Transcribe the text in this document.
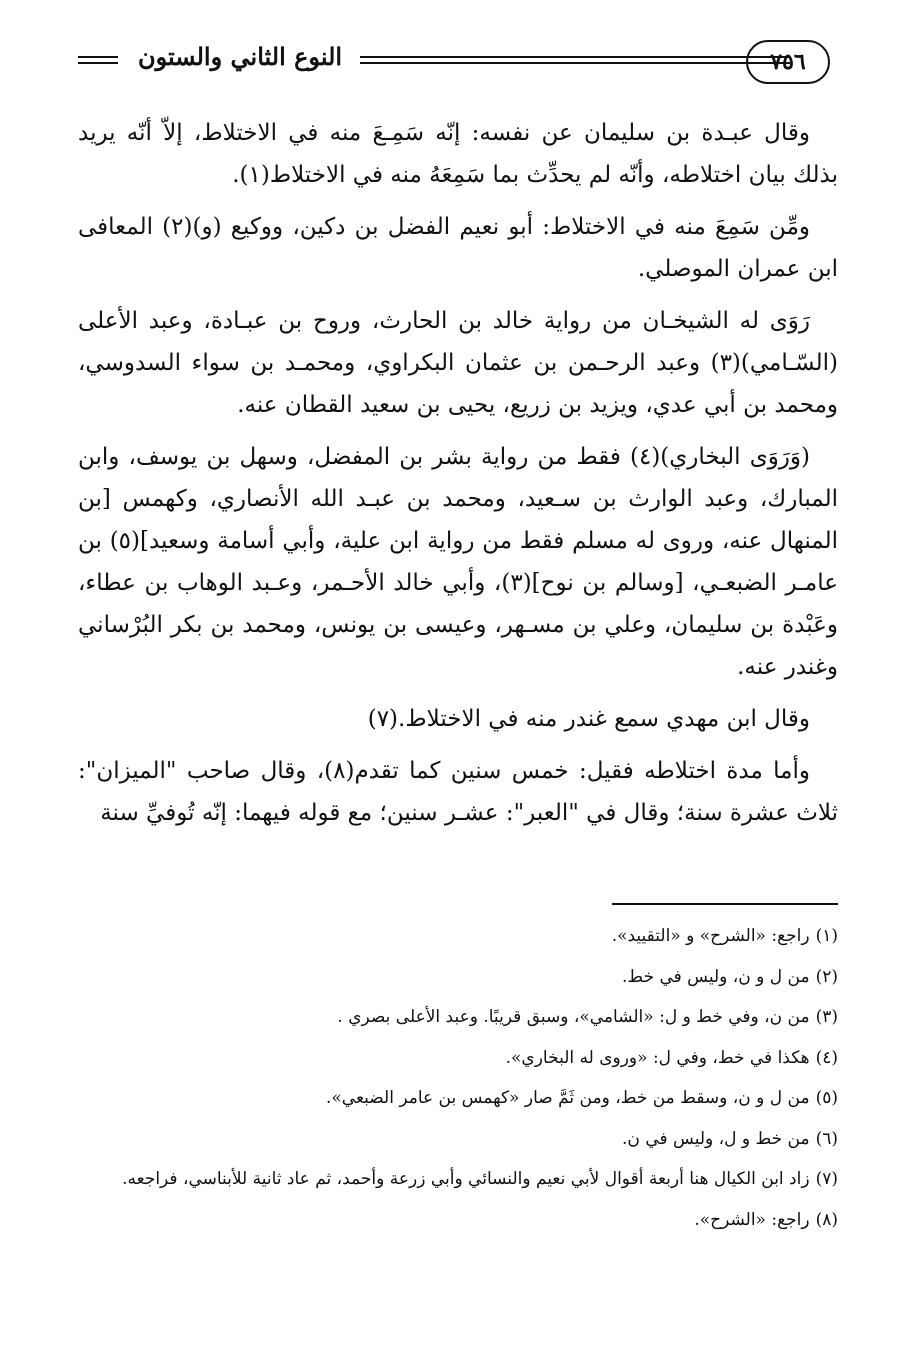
٧٥٦
النوع الثاني والستون

وقال عبـدة بن سليمان عن نفسه: إنّه سَمِـعَ منه في الاختلاط، إلاّ أنّه يريد بذلك بيان اختلاطه، وأنّه لم يحدِّث بما سَمِعَهُ منه في الاختلاط(١).

ومِّن سَمِعَ منه في الاختلاط: أبو نعيم الفضل بن دكين، ووكيع (و)(٢) المعافى ابن عمران الموصلي.

رَوَى له الشيخـان من رواية خالد بن الحارث، وروح بن عبـادة، وعبد الأعلى (السّـامي)(٣) وعبد الرحـمن بن عثمان البكراوي، ومحمـد بن سواء السدوسي، ومحمد بن أبي عدي، ويزيد بن زريع، يحيى بن سعيد القطان عنه.

(وَرَوَى البخاري)(٤) فقط من رواية بشر بن المفضل، وسهل بن يوسف، وابن المبارك، وعبد الوارث بن سـعيد، ومحمد بن عبـد الله الأنصاري، وكهمس [بن المنهال عنه، وروى له مسلم فقط من رواية ابن علية، وأبي أسامة وسعيد](٥) بن عامـر الضبعـي، [وسالم بن نوح](٣)، وأبي خالد الأحـمر، وعـبد الوهاب بن عطاء، وعَبْدة بن سليمان، وعلي بن مسـهر، وعيسى بن يونس، ومحمد بن بكر البُرْساني وغندر عنه.

وقال ابن مهدي سمع غندر منه في الاختلاط.(٧)

وأما مدة اختلاطه فقيل: خمس سنين كما تقدم(٨)، وقال صاحب "الميزان": ثلاث عشرة سنة؛ وقال في "العبر": عشـر سنين؛ مع قوله فيهما: إنّه تُوفيِّ سنة

(١)راجع: «الشرح» و «التقييد».
(٢)من ل و ن، وليس في خط.
(٣)من ن، وفي خط و ل: «الشامي»، وسبق قريبًا. وعبد الأعلى بصري .
(٤)هكذا في خط، وفي ل: «وروى له البخاري».
(٥)من ل و ن، وسقط من خط، ومن ثَمَّ صار «كهمس بن عامر الضبعي».
(٦)من خط و ل، وليس في ن.
(٧)زاد ابن الكيال هنا أربعة أقوال لأبي نعيم والنسائي وأبي زرعة وأحمد، ثم عاد ثانية للأبناسي، فراجعه.
(٨)راجع: «الشرح».
